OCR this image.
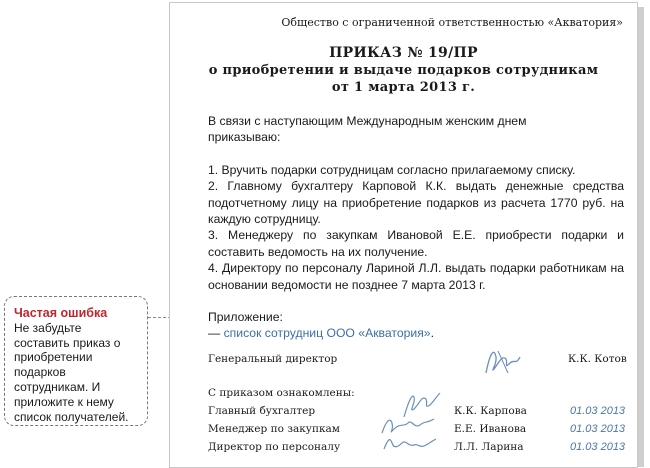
Частая ошибка
Не забудьте составить приказ о приобретении подарков сотрудникам. И приложите к нему список получателей.
Общество с ограниченной ответственностью «Акватория»
ПРИКАЗ № 19/ПР
о приобретении и выдаче подарков сотрудникам
от 1 марта 2013 г.

В связи с наступающим Международным женским днем

приказываю:

1. Вручить подарки сотрудницам согласно прилагаемому списку.

2. Главному бухгалтеру Карповой К.К. выдать денежные средства подотчетному лицу на приобретение подарков из расчета 1770 руб. на каждую сотрудницу.

3. Менеджеру по закупкам Ивановой Е.Е. приобрести подарки и составить ведомость на их получение.

4. Директору по персоналу Лариной Л.Л. выдать подарки работникам на основании ведомости не позднее 7 марта 2013 г.

Приложение:

— список сотрудниц ООО «Акватория».

Генеральный директор	К.К. Котов
С приказом ознакомлены:
Главный бухгалтер	К.К. Карпова	01.03 2013
Менеджер по закупкам	Е.Е. Иванова	01.03 2013
Директор по персоналу	Л.Л. Ларина	01.03 2013
